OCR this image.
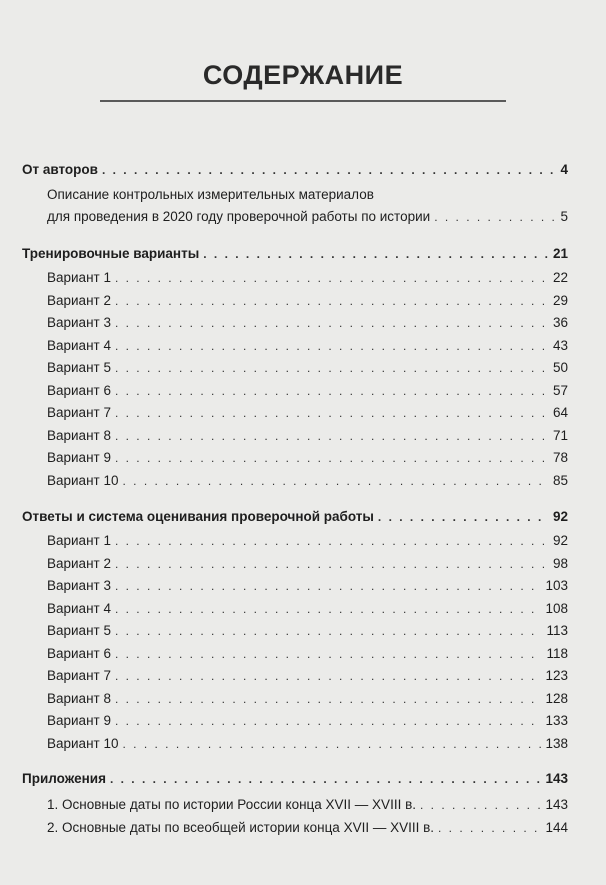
СОДЕРЖАНИЕ
От авторов . . .	4
Описание контрольных измерительных материалов
для проведения в 2020 году проверочной работы по истории . . .	5
Тренировочные варианты . . .	21
Вариант 1 . . .	22
Вариант 2 . . .	29
Вариант 3 . . .	36
Вариант 4 . . .	43
Вариант 5 . . .	50
Вариант 6 . . .	57
Вариант 7 . . .	64
Вариант 8 . . .	71
Вариант 9 . . .	78
Вариант 10 . . .	85
Ответы и система оценивания проверочной работы . . .	92
Вариант 1 . . .	92
Вариант 2 . . .	98
Вариант 3 . . .	103
Вариант 4 . . .	108
Вариант 5 . . .	113
Вариант 6 . . .	118
Вариант 7 . . .	123
Вариант 8 . . .	128
Вариант 9 . . .	133
Вариант 10 . . .	138
Приложения . . .	143
1. Основные даты по истории России конца XVII — XVIII в. . . .	143
2. Основные даты по всеобщей истории конца XVII — XVIII в. . . .	144
